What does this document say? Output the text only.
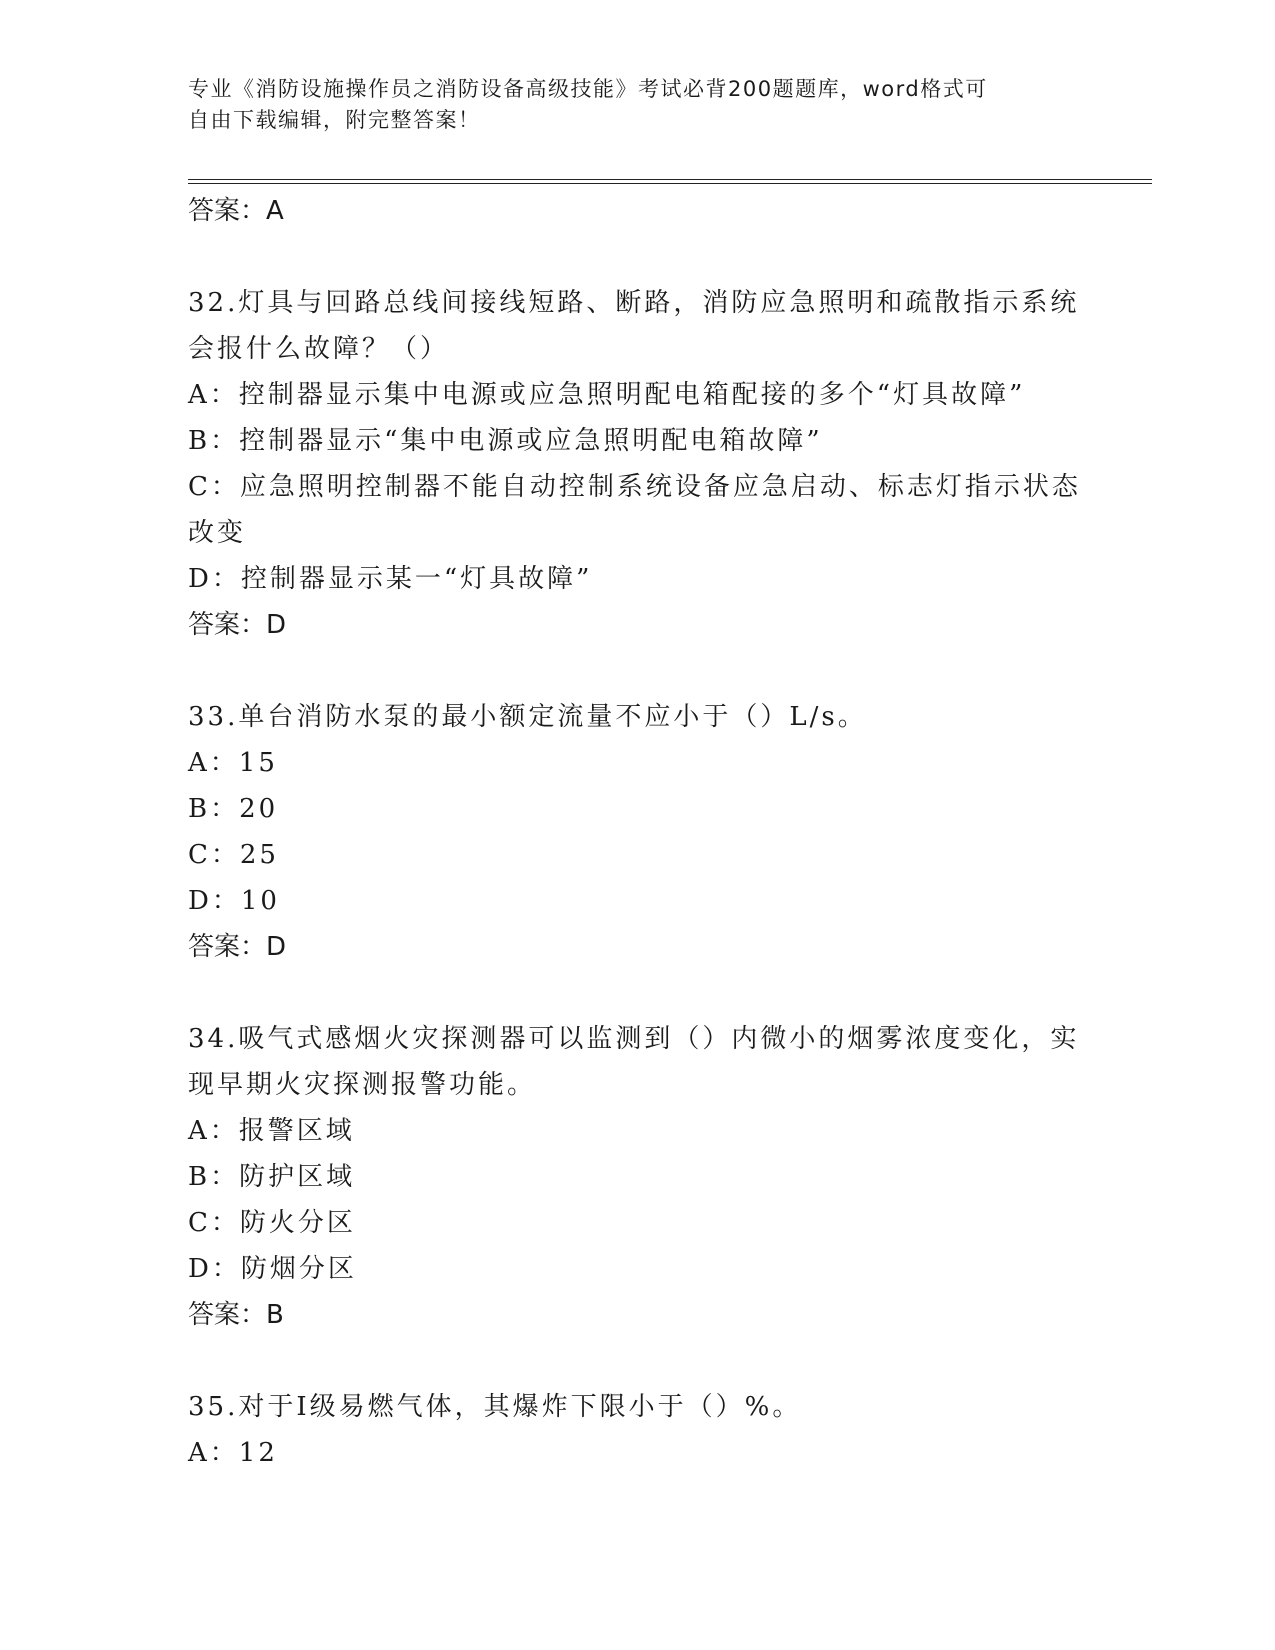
专业《消防设施操作员之消防设备高级技能》考试必背200题题库，word格式可
自由下载编辑，附完整答案！
答案：A
32.灯具与回路总线间接线短路、断路，消防应急照明和疏散指示系统
会报什么故障？（）
A：控制器显示集中电源或应急照明配电箱配接的多个“灯具故障”
B：控制器显示“集中电源或应急照明配电箱故障”
C：应急照明控制器不能自动控制系统设备应急启动、标志灯指示状态
改变
D：控制器显示某一“灯具故障”
答案：D
33.单台消防水泵的最小额定流量不应小于（）L/s。
A：15
B：20
C：25
D：10
答案：D
34.吸气式感烟火灾探测器可以监测到（）内微小的烟雾浓度变化，实
现早期火灾探测报警功能。
A：报警区域
B：防护区域
C：防火分区
D：防烟分区
答案：B
35.对于Ⅰ级易燃气体，其爆炸下限小于（）%。
A：12
